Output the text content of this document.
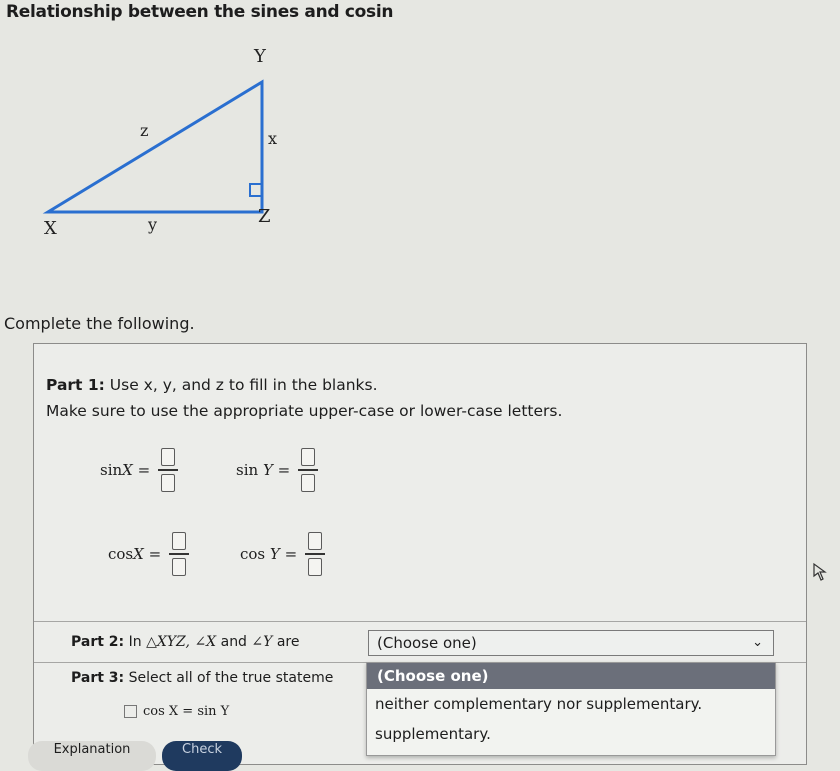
Relationship between the sines and cosin
Y
X
Z
z	x
y
Complete the following.
Part 1: Use x, y, and z to fill in the blanks.
Make sure to use the appropriate upper-case or lower-case letters.
sinX =	sin Y =
cosX =	cos Y =
Part 2: In △XYZ, ∠X and ∠Y are	(Choose one)	⌄
Part 3: Select all of the true stateme
cos X = sin Y
(Choose one)
neither complementary nor supplementary.
supplementary.
Explanation	Check
